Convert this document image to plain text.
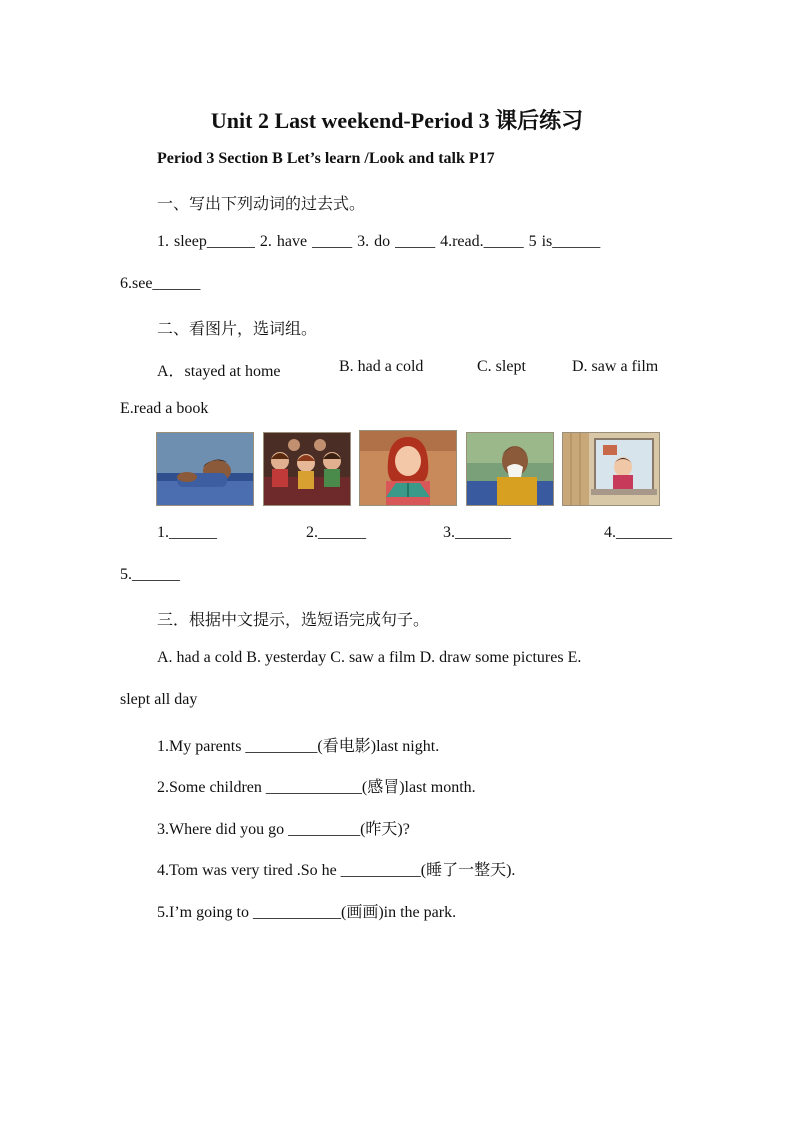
Unit 2 Last weekend-Period 3 课后练习
Period 3 Section B Let’s learn /Look and talk P17
一、写出下列动词的过去式。
1. sleep______ 2. have _____ 3. do _____ 4.read._____ 5 is______
6.see______
二、看图片，选词组。
A．stayed at home	B. had a cold	C. slept	D. saw a film
E.read a book
1.______	2.______	3._______	4._______
5.______
三．根据中文提示，选短语完成句子。
A. had a cold B. yesterday C. saw a film D. draw some pictures E.
slept all day
1.My parents _________(看电影)last night.
2.Some children ____________(感冒)last month.
3.Where did you go _________(昨天)?
4.Tom was very tired .So he __________(睡了一整天).
5.I’m going to ___________(画画)in the park.
